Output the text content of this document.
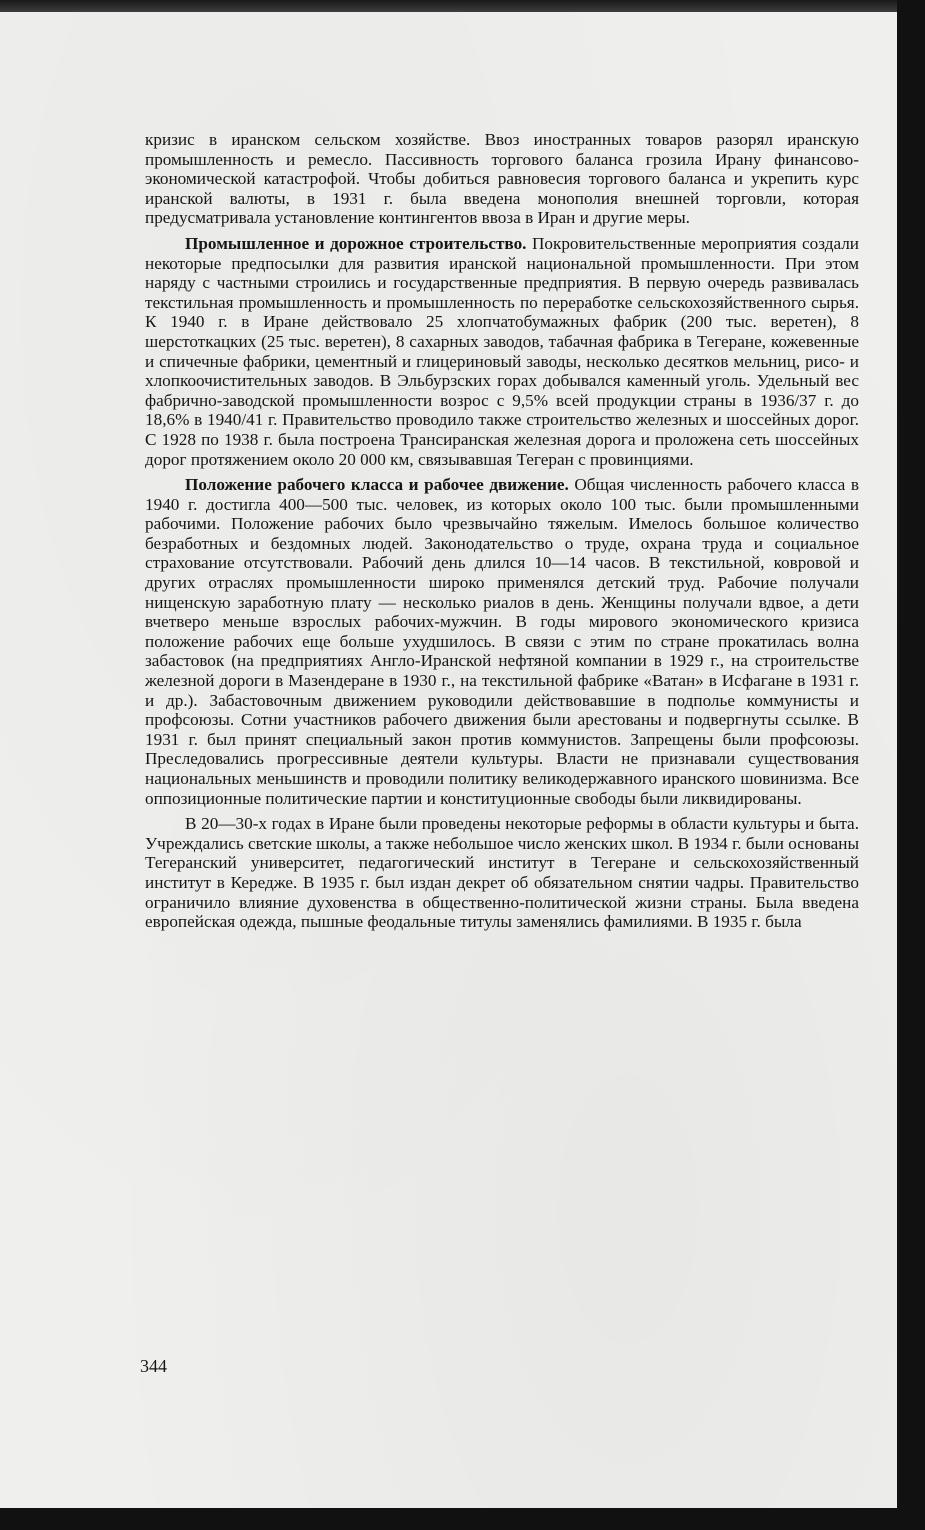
кризис в иранском сельском хозяйстве. Ввоз иностранных товаров разорял иранскую промышленность и ремесло. Пассивность торгового баланса грозила Ирану финансово-экономической катастрофой. Чтобы добиться равновесия торгового баланса и укрепить курс иранской валюты, в 1931 г. была введена монополия внешней торговли, которая предусматривала установление контингентов ввоза в Иран и другие меры.

Промышленное и дорожное строительство. Покровительственные мероприятия создали некоторые предпосылки для развития иранской национальной промышленности. При этом наряду с частными строились и государственные предприятия. В первую очередь развивалась текстильная промышленность и промышленность по переработке сельскохозяйственного сырья. К 1940 г. в Иране действовало 25 хлопчатобумажных фабрик (200 тыс. веретен), 8 шерстоткацких (25 тыс. веретен), 8 сахарных заводов, табачная фабрика в Тегеране, кожевенные и спичечные фабрики, цементный и глицериновый заводы, несколько десятков мельниц, рисо- и хлопкоочистительных заводов. В Эльбурзских горах добывался каменный уголь. Удельный вес фабрично-заводской промышленности возрос с 9,5% всей продукции страны в 1936/37 г. до 18,6% в 1940/41 г. Правительство проводило также строительство железных и шоссейных дорог. С 1928 по 1938 г. была построена Трансиранская железная дорога и проложена сеть шоссейных дорог протяжением около 20 000 км, связывавшая Тегеран с провинциями.

Положение рабочего класса и рабочее движение. Общая численность рабочего класса в 1940 г. достигла 400—500 тыс. человек, из которых около 100 тыс. были промышленными рабочими. Положение рабочих было чрезвычайно тяжелым. Имелось большое количество безработных и бездомных людей. Законодательство о труде, охрана труда и социальное страхование отсутствовали. Рабочий день длился 10—14 часов. В текстильной, ковровой и других отраслях промышленности широко применялся детский труд. Рабочие получали нищенскую заработную плату — несколько риалов в день. Женщины получали вдвое, а дети вчетверо меньше взрослых рабочих-мужчин. В годы мирового экономического кризиса положение рабочих еще больше ухудшилось. В связи с этим по стране прокатилась волна забастовок (на предприятиях Англо-Иранской нефтяной компании в 1929 г., на строительстве железной дороги в Мазендеране в 1930 г., на текстильной фабрике «Ватан» в Исфагане в 1931 г. и др.). Забастовочным движением руководили действовавшие в подполье коммунисты и профсоюзы. Сотни участников рабочего движения были арестованы и подвергнуты ссылке. В 1931 г. был принят специальный закон против коммунистов. Запрещены были профсоюзы. Преследовались прогрессивные деятели культуры. Власти не признавали существования национальных меньшинств и проводили политику великодержавного иранского шовинизма. Все оппозиционные политические партии и конституционные свободы были ликвидированы.

В 20—30-х годах в Иране были проведены некоторые реформы в области культуры и быта. Учреждались светские школы, а также небольшое число женских школ. В 1934 г. были основаны Тегеранский университет, педагогический институт в Тегеране и сельскохозяйственный институт в Кередже. В 1935 г. был издан декрет об обязательном снятии чадры. Правительство ограничило влияние духовенства в общественно-политической жизни страны. Была введена европейская одежда, пышные феодальные титулы заменялись фамилиями. В 1935 г. была

344
